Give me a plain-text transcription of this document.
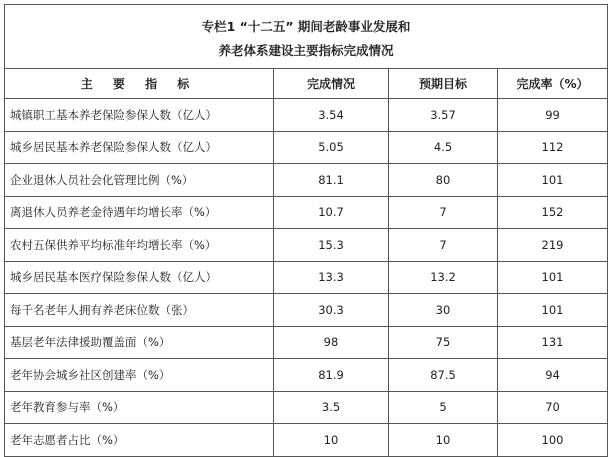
专栏1 “十二五” 期间老龄事业发展和			
养老体系建设主要指标完成情况			
主 要 指 标	完成情况	预期目标	完成率（%）
城镇职工基本养老保险参保人数（亿人）	3.54	3.57	99
城乡居民基本养老保险参保人数（亿人）	5.05	4.5	112
企业退休人员社会化管理比例（%）	81.1	80	101
离退休人员养老金待遇年均增长率（%）	10.7	7	152
农村五保供养平均标准年均增长率（%）	15.3	7	219
城乡居民基本医疗保险参保人数（亿人）	13.3	13.2	101
每千名老年人拥有养老床位数（张）	30.3	30	101
基层老年法律援助覆盖面（%）	98	75	131
老年协会城乡社区创建率（%）	81.9	87.5	94
老年教育参与率（%）	3.5	5	70
老年志愿者占比（%）	10	10	100
